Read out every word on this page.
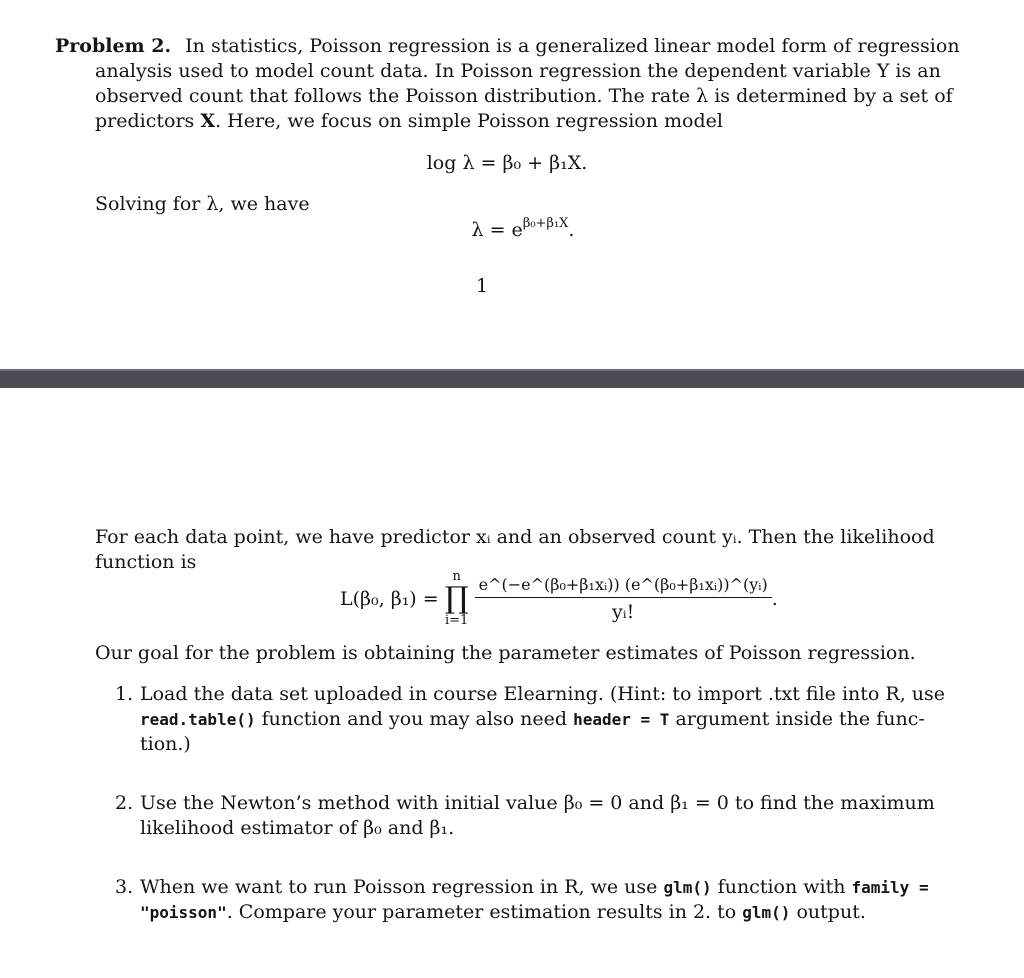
Problem 2. In statistics, Poisson regression is a generalized linear model form of regression
analysis used to model count data. In Poisson regression the dependent variable Y is an
observed count that follows the Poisson distribution. The rate λ is determined by a set of
predictors X. Here, we focus on simple Poisson regression model
log λ = β₀ + β₁X.
Solving for λ, we have
$\lambda = e^{\beta_0+\beta_1X}$.
1
For each data point, we have predictor xᵢ and an observed count yᵢ. Then the likelihood
function is
L(β₀, β₁) =
n
∏
$i=1 \frac{\text{e\textasciicircum{}(−e\textasciicircum{}(β₀+β₁xᵢ)) (e\textasciicircum{}(β₀+β₁xᵢ))\textasciicircum{}(yᵢ)}}{\text{yᵢ!}}$ .
Our goal for the problem is obtaining the parameter estimates of Poisson regression.
1. Load the data set uploaded in course Elearning. (Hint: to import .txt file into R, use
read.table() function and you may also need header = T argument inside the func-
tion.)
2. Use the Newton’s method with initial value β₀ = 0 and β₁ = 0 to find the maximum
likelihood estimator of β₀ and β₁.
3. When we want to run Poisson regression in R, we use glm() function with family =
"poisson". Compare your parameter estimation results in 2. to glm() output.
